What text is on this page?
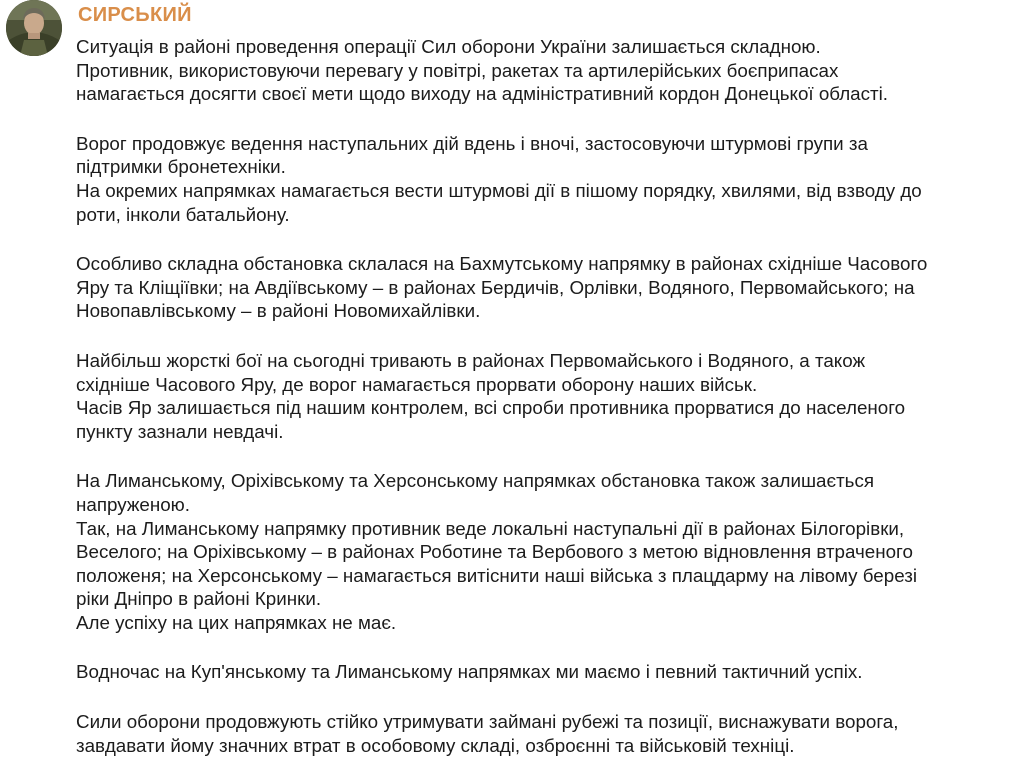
СИРСЬКИЙ
Ситуація в районі проведення операції Сил оборони України залишається складною.
Противник, використовуючи перевагу у повітрі, ракетах та артилерійських боєприпасах
намагається досягти своєї мети щодо виходу на адміністративний кордон Донецької області.
Ворог продовжує ведення наступальних дій вдень і вночі, застосовуючи штурмові групи за
підтримки бронетехніки.
На окремих напрямках намагається вести штурмові дії в пішому порядку, хвилями, від взводу до
роти, інколи батальйону.
Особливо складна обстановка склалася на Бахмутському напрямку в районах східніше Часового
Яру та Кліщіївки; на Авдіївському – в районах Бердичів, Орлівки, Водяного, Первомайського; на
Новопавлівському – в районі Новомихайлівки.
Найбільш жорсткі бої на сьогодні тривають в районах Первомайського і Водяного, а також
східніше Часового Яру, де ворог намагається прорвати оборону наших військ.
Часів Яр залишається під нашим контролем, всі спроби противника прорватися до населеного
пункту зазнали невдачі.
На Лиманському, Оріхівському та Херсонському напрямках обстановка також залишається
напруженою.
Так, на Лиманському напрямку противник веде локальні наступальні дії в районах Білогорівки,
Веселого; на Оріхівському – в районах Роботине та Вербового з метою відновлення втраченого
положеня; на Херсонському – намагається витіснити наші війська з плацдарму на лівому березі
ріки Дніпро в районі Кринки.
Але успіху на цих напрямках не має.
Водночас на Куп'янському та Лиманському напрямках ми маємо і певний тактичний успіх.
Сили оборони продовжують стійко утримувати займані рубежі та позиції, виснажувати ворога,
завдавати йому значних втрат в особовому складі, озброєнні та військовій техніці.
